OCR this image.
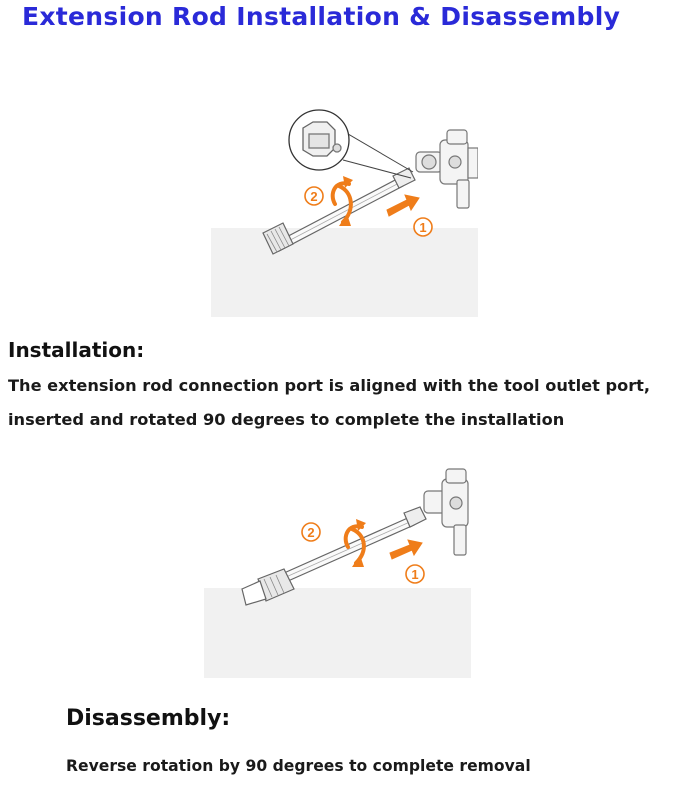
Extension Rod Installation & Disassembly
2
1
Installation:
The extension rod connection port is aligned with the tool outlet port,
inserted and rotated 90 degrees to complete the installation
2
1
Disassembly:
Reverse rotation by 90 degrees to complete removal
